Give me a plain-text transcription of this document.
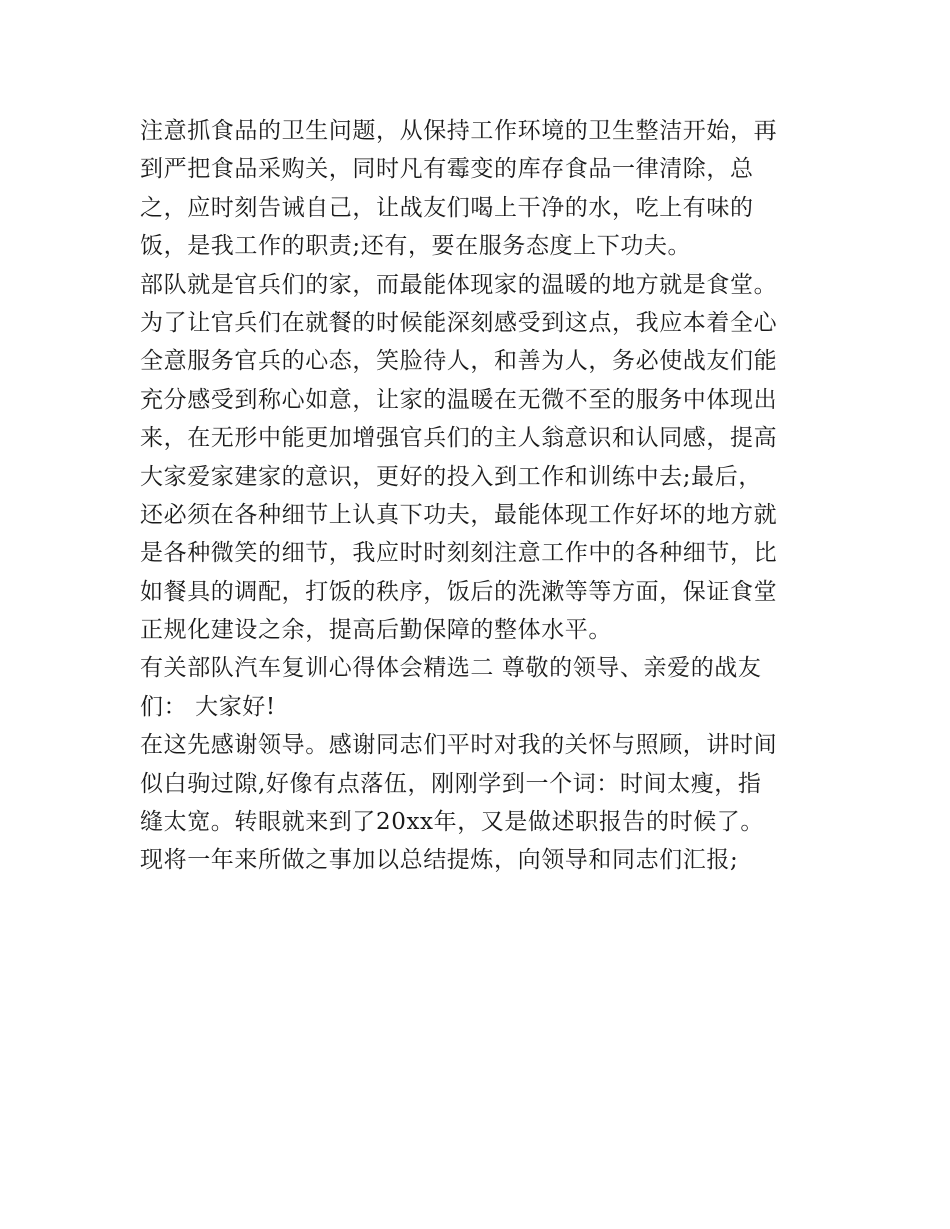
注意抓食品的卫生问题，从保持工作环境的卫生整洁开始，再

到严把食品采购关，同时凡有霉变的库存食品一律清除，总

之，应时刻告诫自己，让战友们喝上干净的水，吃上有味的

饭，是我工作的职责;还有，要在服务态度上下功夫。

部队就是官兵们的家，而最能体现家的温暖的地方就是食堂。

为了让官兵们在就餐的时候能深刻感受到这点，我应本着全心

全意服务官兵的心态，笑脸待人，和善为人，务必使战友们能

充分感受到称心如意，让家的温暖在无微不至的服务中体现出

来，在无形中能更加增强官兵们的主人翁意识和认同感，提高

大家爱家建家的意识，更好的投入到工作和训练中去;最后，

还必须在各种细节上认真下功夫，最能体现工作好坏的地方就

是各种微笑的细节，我应时时刻刻注意工作中的各种细节，比

如餐具的调配，打饭的秩序，饭后的洗漱等等方面，保证食堂

正规化建设之余，提高后勤保障的整体水平。

有关部队汽车复训心得体会精选二 尊敬的领导、亲爱的战友

们： 大家好!

在这先感谢领导。感谢同志们平时对我的关怀与照顾，讲时间

似白驹过隙,好像有点落伍，刚刚学到一个词：时间太瘦，指

缝太宽。转眼就来到了20xx年，又是做述职报告的时候了。

现将一年来所做之事加以总结提炼，向领导和同志们汇报;
